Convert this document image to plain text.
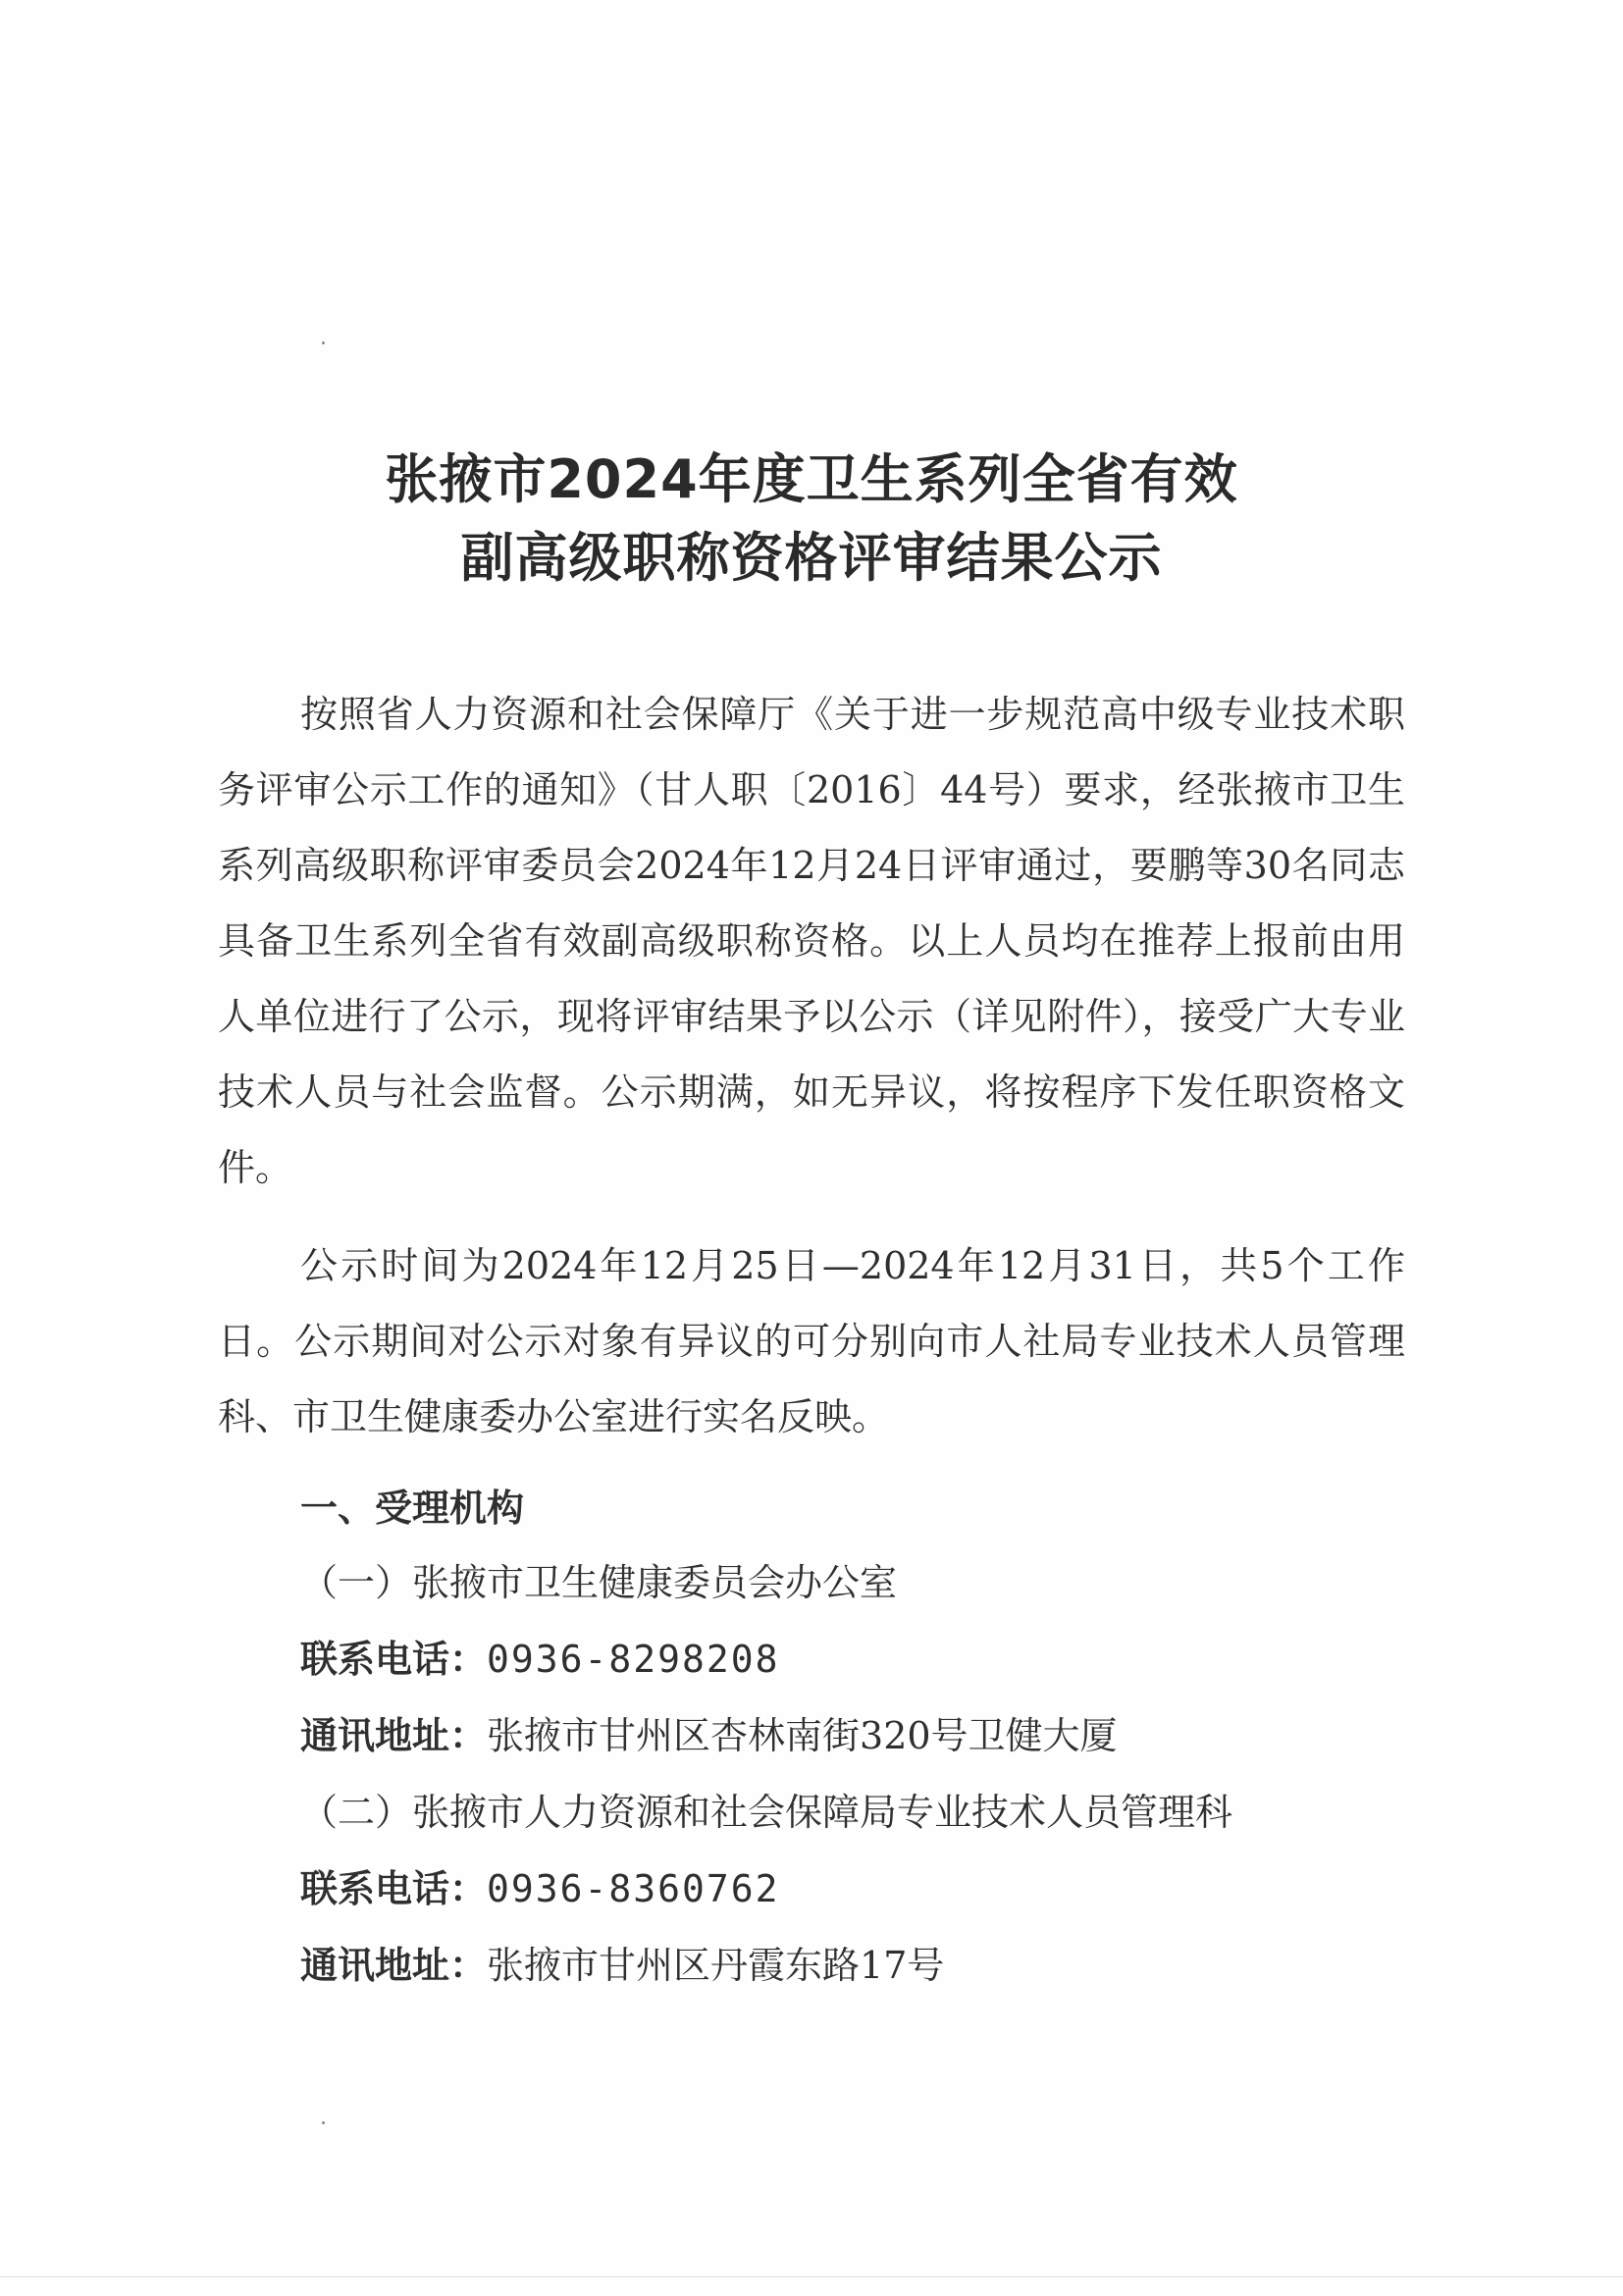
张掖市2024年度卫生系列全省有效
副高级职称资格评审结果公示
按照省人力资源和社会保障厅《关于进一步规范高中级专业技术职务评审公示工作的通知》（甘人职〔2016〕44号）要求，经张掖市卫生系列高级职称评审委员会2024年12月24日评审通过，要鹏等30名同志具备卫生系列全省有效副高级职称资格。以上人员均在推荐上报前由用人单位进行了公示，现将评审结果予以公示（详见附件），接受广大专业技术人员与社会监督。公示期满，如无异议，将按程序下发任职资格文件。
公示时间为2024年12月25日—2024年12月31日，共5个工作日。公示期间对公示对象有异议的可分别向市人社局专业技术人员管理科、市卫生健康委办公室进行实名反映。
一、受理机构
（一）张掖市卫生健康委员会办公室
联系电话：0936-8298208
通讯地址：张掖市甘州区杏林南街320号卫健大厦
（二）张掖市人力资源和社会保障局专业技术人员管理科
联系电话：0936-8360762
通讯地址：张掖市甘州区丹霞东路17号
